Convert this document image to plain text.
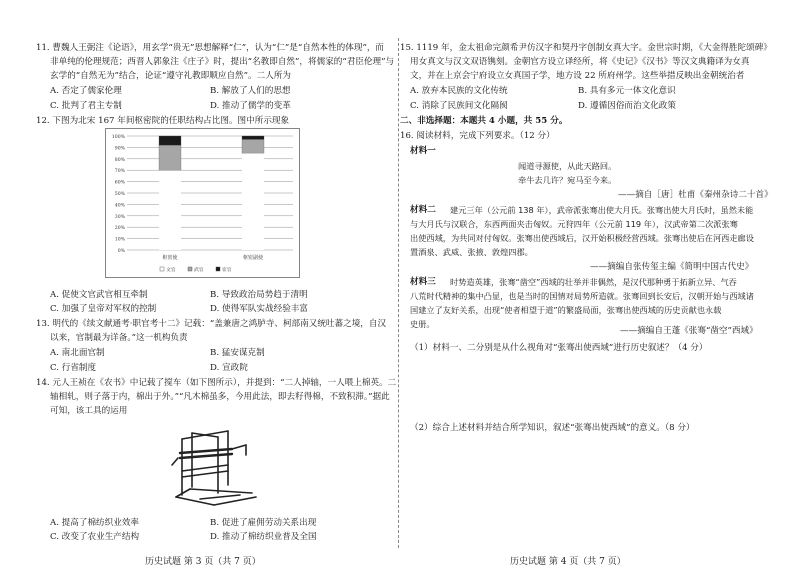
11. 曹魏人王弼注《论语》，用玄学“贵无”思想解释“仁”，认为“仁”是“自然本性的体现”，而
非单纯的伦理规范；西晋人郭象注《庄子》时，提出“名教即自然”，将儒家的“君臣伦理”与
玄学的“自然无为”结合，论证“遵守礼教即顺应自然”。二人所为
A. 否定了儒家伦理	B. 解放了人们的思想
C. 批判了君主专制	D. 推动了儒学的变革
12. 下图为北宋 167 年间枢密院的任职结构占比图。图中所示现象
100%
90%
80%
70%
60%
50%
40%
30%
20%
10%
0%
枢密使	枢密副使
文官	武官	宦官
A. 促使文官武官相互牵制	B. 导致政治局势趋于清明
C. 加强了皇帝对军权的控制	D. 使得军队实战经验丰富
13. 明代的《续文献通考·职官考十二》记载：“盖兼唐之鸿胪寺、柯部南又统吐蕃之境，自汉
以来，官制最为详备。”这一机构负责
A. 南北面官制	B. 猛安谋克制
C. 行省制度	D. 宣政院
14. 元人王祯在《农书》中记载了搅车（如下图所示），并提到：“二人掉轴，一人喂上棉英。二
轴相轧，则子落于内，棉出于外。”“凡木棉虽多，今用此法，即去籽得棉，不致积滞。”据此
可知，该工具的运用
A. 提高了棉纺织业效率	B. 促进了雇佣劳动关系出现
C. 改变了农业生产结构	D. 推动了棉纺织业普及全国
历史试题 第 3 页（共 7 页）
15. 1119 年，金太祖命完颜希尹仿汉字和契丹字创制女真大字。金世宗时期，《大金得胜陀颂碑》
用女真文与汉文双语镌刻。金朝官方设立译经所，将《史记》《汉书》等汉文典籍译为女真
文，并在上京会宁府设立女真国子学，地方设 22 所府州学。这些举措反映出金朝统治者
A. 放弃本民族的文化传统	B. 具有多元一体文化意识
C. 消除了民族间文化隔阂	D. 遵循因俗而治文化政策
二、非选择题：本题共 4 小题，共 55 分。
16. 阅读材料，完成下列要求。（12 分）
材料一
闻道寻源使，从此天路回。
牵牛去几许？宛马至今来。
——摘自［唐］杜甫《秦州杂诗二十首》
材料二 建元三年（公元前 138 年），武帝派张骞出使大月氏。张骞出使大月氏时，虽然未能
与大月氏与汉联合，东西两面夹击匈奴。元狩四年（公元前 119 年），汉武帝第二次派张骞
出使西域，为共同对付匈奴。张骞出使西域后，汉开始积极经营西域。张骞出使后在河西走廊设
置酒泉、武威、张掖、敦煌四郡。
——摘编自张传玺主编《简明中国古代史》
材料三 时势造英雄，张骞“凿空”西域的壮举并非偶然，是汉代那种勇于拓新立异、气吞
八荒时代精神的集中凸显，也是当时的国情对局势所造就。张骞回到长安后，汉朝开始与西域诸
国建立了友好关系，出现“使者相望于道”的繁盛局面，张骞出使西域的历史贡献也永载
史册。
——摘编自王蓬《张骞“凿空”西域》
（1）材料一、二分别是从什么视角对“张骞出使西域”进行历史叙述？（4 分）
（2）综合上述材料并结合所学知识，叙述“张骞出使西域”的意义。（8 分）
历史试题 第 4 页（共 7 页）
